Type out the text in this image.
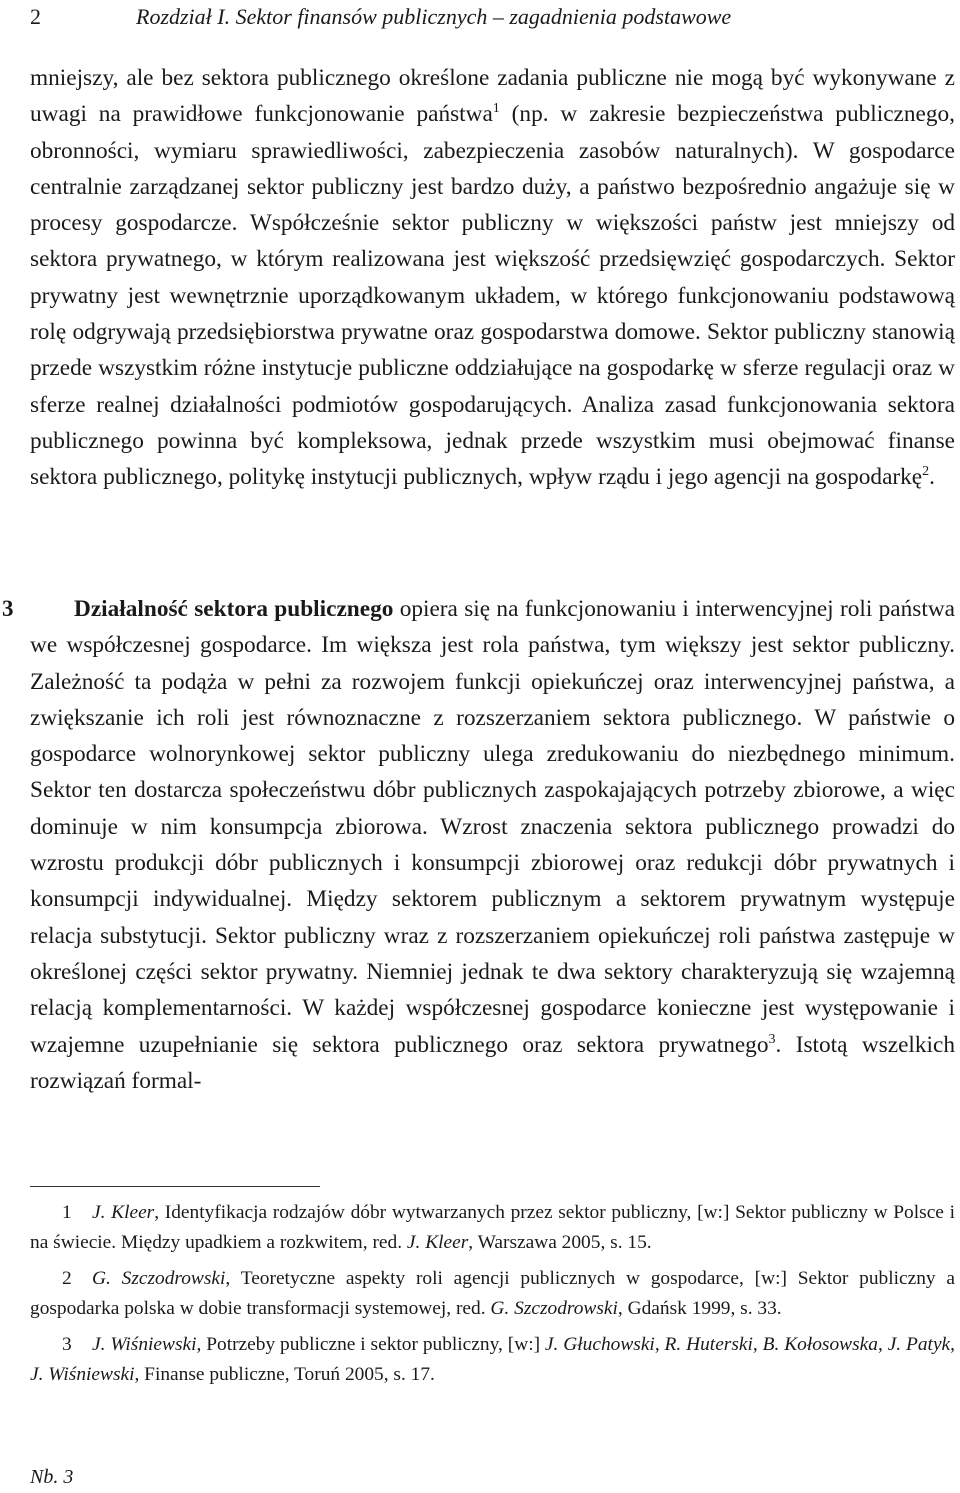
2	Rozdział I. Sektor finansów publicznych – zagadnienia podstawowe
mniejszy, ale bez sektora publicznego określone zadania publiczne nie mogą być wykonywane z uwagi na prawidłowe funkcjonowanie państwa$^1$ (np. w zakresie bezpieczeństwa publicznego, obronności, wymiaru sprawiedliwości, zabezpieczenia zasobów naturalnych). W gospodarce centralnie zarządzanej sektor publiczny jest bardzo duży, a państwo bezpośrednio angażuje się w procesy gospodarcze. Współcześnie sektor publiczny w większości państw jest mniejszy od sektora prywatnego, w którym realizowana jest większość przedsięwzięć gospodarczych. Sektor prywatny jest wewnętrznie uporządkowanym układem, w którego funkcjonowaniu podstawową rolę odgrywają przedsiębiorstwa prywatne oraz gospodarstwa domowe. Sektor publiczny stanowią przede wszystkim różne instytucje publiczne oddziałujące na gospodarkę w sferze regulacji oraz w sferze realnej działalności podmiotów gospodarujących. Analiza zasad funkcjonowania sektora publicznego powinna być kompleksowa, jednak przede wszystkim musi obejmować finanse sektora publicznego, politykę instytucji publicznych, wpływ rządu i jego agencji na gospodarkę$^2$.
3	Działalność sektora publicznego opiera się na funkcjonowaniu i interwencyjnej roli państwa we współczesnej gospodarce. Im większa jest rola państwa, tym większy jest sektor publiczny. Zależność ta podąża w pełni za rozwojem funkcji opiekuńczej oraz interwencyjnej państwa, a zwiększanie ich roli jest równoznaczne z rozszerzaniem sektora publicznego. W państwie o gospodarce wolnorynkowej sektor publiczny ulega zredukowaniu do niezbędnego minimum. Sektor ten dostarcza społeczeństwu dóbr publicznych zaspokajających potrzeby zbiorowe, a więc dominuje w nim konsumpcja zbiorowa. Wzrost znaczenia sektora publicznego prowadzi do wzrostu produkcji dóbr publicznych i konsumpcji zbiorowej oraz redukcji dóbr prywatnych i konsumpcji indywidualnej. Między sektorem publicznym a sektorem prywatnym występuje relacja substytucji. Sektor publiczny wraz z rozszerzaniem opiekuńczej roli państwa zastępuje w określonej części sektor prywatny. Niemniej jednak te dwa sektory charakteryzują się wzajemną relacją komplementarności. W każdej współczesnej gospodarce konieczne jest występowanie i wzajemne uzupełnianie się sektora publicznego oraz sektora prywatnego$^3$. Istotą wszelkich rozwiązań formal-

1 J. Kleer, Identyfikacja rodzajów dóbr wytwarzanych przez sektor publiczny, [w:] Sektor publiczny w Polsce i na świecie. Między upadkiem a rozkwitem, red. J. Kleer, Warszawa 2005, s. 15.

2 G. Szczodrowski, Teoretyczne aspekty roli agencji publicznych w gospodarce, [w:] Sektor publiczny a gospodarka polska w dobie transformacji systemowej, red. G. Szczodrowski, Gdańsk 1999, s. 33.

3 J. Wiśniewski, Potrzeby publiczne i sektor publiczny, [w:] J. Głuchowski, R. Huterski, B. Kołosowska, J. Patyk, J. Wiśniewski, Finanse publiczne, Toruń 2005, s. 17.

Nb. 3
